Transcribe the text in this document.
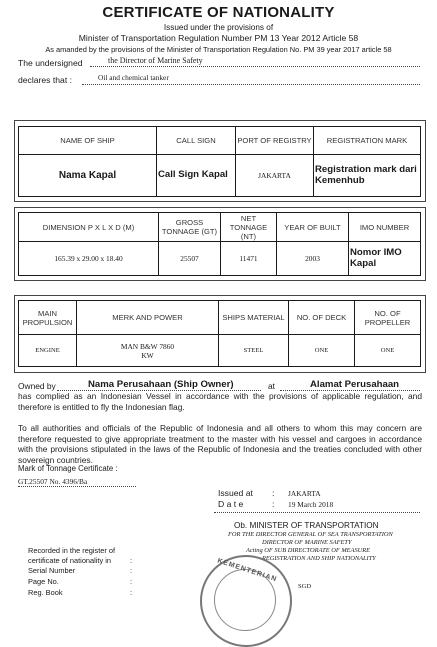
CERTIFICATE OF NATIONALITY
Issued under the provisions of
Minister of Transportation Regulation Number PM 13 Year 2012 Article 58
As amanded by the provisions of the Minister of Transportation Regulation No. PM 39 year 2017 article 58
The undersigned	the Director of Marine Safety
declares that :	Oil and chemical tanker
NAME OF SHIP	CALL SIGN	PORT OF REGISTRY	REGISTRATION MARK
Nama Kapal	Call Sign Kapal	JAKARTA	Registration mark dari Kemenhub
DIMENSION P X L X D (M)	GROSS TONNAGE (GT)	NET TONNAGE (NT)	YEAR OF BUILT	IMO NUMBER
165.39 x 29.00 x 18.40	25507	11471	2003	Nomor IMO Kapal
MAIN PROPULSION	MERK AND POWER	SHIPS MATERIAL	NO. OF DECK	NO. OF PROPELLER
ENGINE	MAN B&W 7860 KW	STEEL	ONE	ONE
Owned by	Nama Perusahaan (Ship Owner)	at	Alamat Perusahaan
has complied as an Indonesian Vessel in accordance with the provisions of applicable regulation, and therefore is entitled to fly the Indonesian flag.
To all authorities and officials of the Republic of Indonesia and all others to whom this may concern are therefore requested to give appropriate treatment to the master with his vessel and cargoes in accordance with the provisions stipulated in the laws of the Republic of Indonesia and the treaties concluded with other sovereign countries.
Mark of Tonnage Certificate :
GT.25507 No. 4396/Ba
Issued at : JAKARTA
D a t e	: 19 March 2018
Ob. MINISTER OF TRANSPORTATION
FOR THE DIRECTOR GENERAL OF SEA TRANSPORTATION
DIRECTOR OF MARINE SAFETY
Acting OF SUB DIRECTORATE OF MEASURE
REGISTRATION AND SHIP NATIONALITY
SGD
KEMENTERIAN
Recorded in the register of
certificate of nationality in	:
Serial Number	:
Page No.	:
Reg. Book	:
